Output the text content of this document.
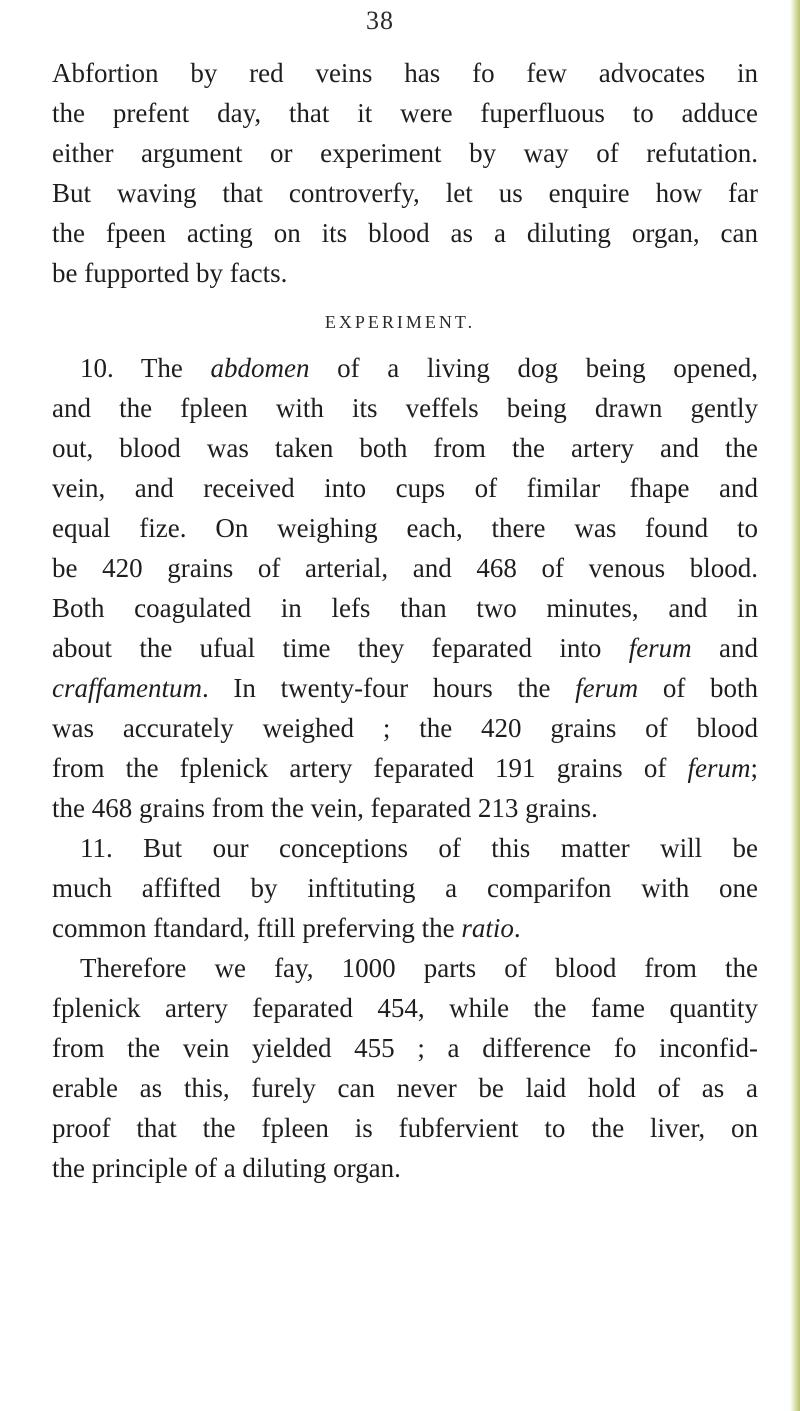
38
Abfortion by red veins has fo few advocates in
the prefent day, that it were fuperfluous to adduce
either argument or experiment by way of refutation.
But waving that controverfy, let us enquire how far
the fpeen acting on its blood as a diluting organ, can
be fupported by facts.
EXPERIMENT.
10. The abdomen of a living dog being opened,
and the fpleen with its veffels being drawn gently
out, blood was taken both from the artery and the
vein, and received into cups of fimilar fhape and
equal fize. On weighing each, there was found to
be 420 grains of arterial, and 468 of venous blood.
Both coagulated in lefs than two minutes, and in
about the ufual time they feparated into ferum and
craffamentum. In twenty-four hours the ferum of both
was accurately weighed ; the 420 grains of blood
from the fplenick artery feparated 191 grains of ferum;
the 468 grains from the vein, feparated 213 grains.
11. But our conceptions of this matter will be
much affifted by inftituting a comparifon with one
common ftandard, ftill preferving the ratio.
Therefore we fay, 1000 parts of blood from the
fplenick artery feparated 454, while the fame quantity
from the vein yielded 455 ; a difference fo inconfid-
erable as this, furely can never be laid hold of as a
proof that the fpleen is fubfervient to the liver, on
the principle of a diluting organ.
